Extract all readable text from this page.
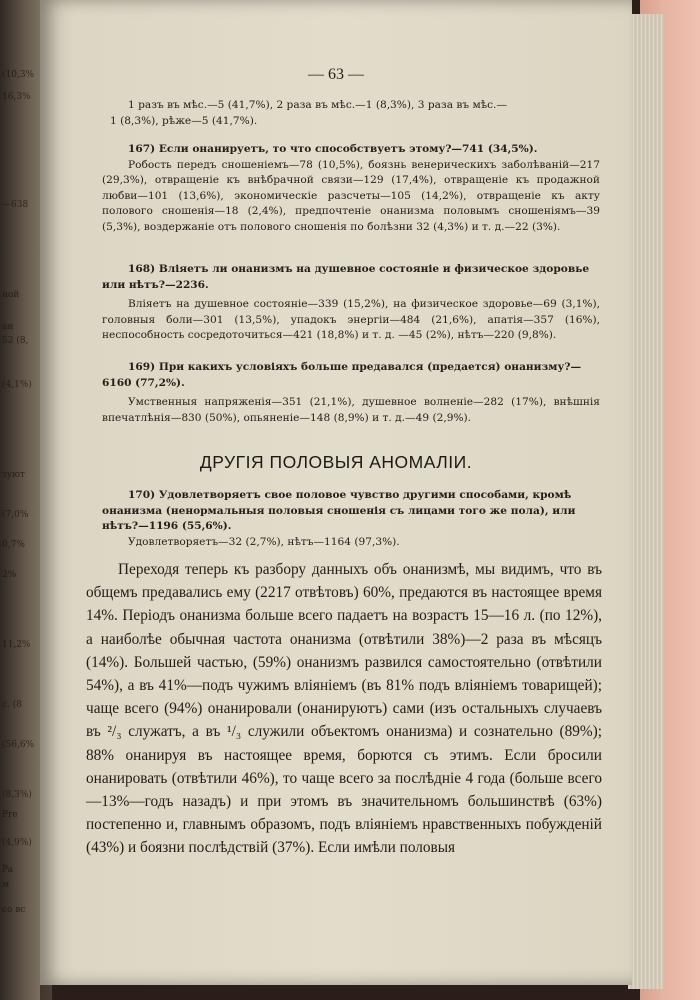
(10,3%
16,3%
—638
ной
ан
52 (8,
(4,1%)
зуют
(7,0%
0,7%
2%
11,2%
с. (8
(56,6%
(8,3%)
Pre
(4,9%)
Pa
м
со вс
— 63 —

1 разъ въ мѣс.—5 (41,7%), 2 раза въ мѣс.—1 (8,3%), 3 раза въ мѣс.—

1 (8,3%), рѣже—5 (41,7%).

167) Если онанируетъ, то что способствуетъ этому?—741 (34,5%).

Робость передъ сношеніемъ—78 (10,5%), боязнь венерическихъ заболѣваній—217 (29,3%), отвращеніе къ внѣбрачной связи—129 (17,4%), отвращеніе къ продажной любви—101 (13,6%), экономическіе разсчеты—105 (14,2%), отвращеніе къ акту полового сношенія—18 (2,4%), предпочтеніе онанизма половымъ сношеніямъ—39 (5,3%), воздержаніе отъ полового сношенія по болѣзни 32 (4,3%) и т. д.—22 (3%).

168) Вліяетъ ли онанизмъ на душевное состояніе и физическое здоровье или нѣтъ?—2236.

Вліяетъ на душевное состояніе—339 (15,2%), на физическое здоровье—69 (3,1%), головныя боли—301 (13,5%), упадокъ энергіи—484 (21,6%), апатія—357 (16%), неспособность сосредоточиться—421 (18,8%) и т. д. —45 (2%), нѣтъ—220 (9,8%).

169) При какихъ условіяхъ больше предавался (предается) онанизму?—6160 (77,2%).

Умственныя напряженія—351 (21,1%), душевное волненіе—282 (17%), внѣшнія впечатлѣнія—830 (50%), опьяненіе—148 (8,9%) и т. д.—49 (2,9%).

ДРУГІЯ ПОЛОВЫЯ АНОМАЛІИ.

170) Удовлетворяетъ свое половое чувство другими способами, кромѣ онанизма (ненормальныя половыя сношенія съ лицами того же пола), или нѣтъ?—1196 (55,6%).

Удовлетворяетъ—32 (2,7%), нѣтъ—1164 (97,3%).

Переходя теперь къ разбору данныхъ объ онанизмѣ, мы видимъ, что въ общемъ предавались ему (2217 отвѣтовъ) 60%, предаются въ настоящее время 14%. Періодъ онанизма больше всего падаетъ на возрастъ 15—16 л. (по 12%), а наиболѣе обычная частота онанизма (отвѣтили 38%)—2 раза въ мѣсяцъ (14%). Большей частью, (59%) онанизмъ развился самостоятельно (отвѣтили 54%), а въ 41%—подъ чужимъ вліяніемъ (въ 81% подъ вліяніемъ товарищей); чаще всего (94%) онанировали (онанируютъ) сами (изъ остальныхъ случаевъ въ ²/₃ служатъ, а въ ¹/₃ служили объектомъ онанизма) и сознательно (89%); 88% онанируя въ настоящее время, борются съ этимъ. Если бросили онанировать (отвѣтили 46%), то чаще всего за послѣдніе 4 года (больше всего—13%—годъ назадъ) и при этомъ въ значительномъ большинствѣ (63%) постепенно и, главнымъ образомъ, подъ вліяніемъ нравственныхъ побужденій (43%) и боязни послѣдствій (37%). Если имѣли половыя
